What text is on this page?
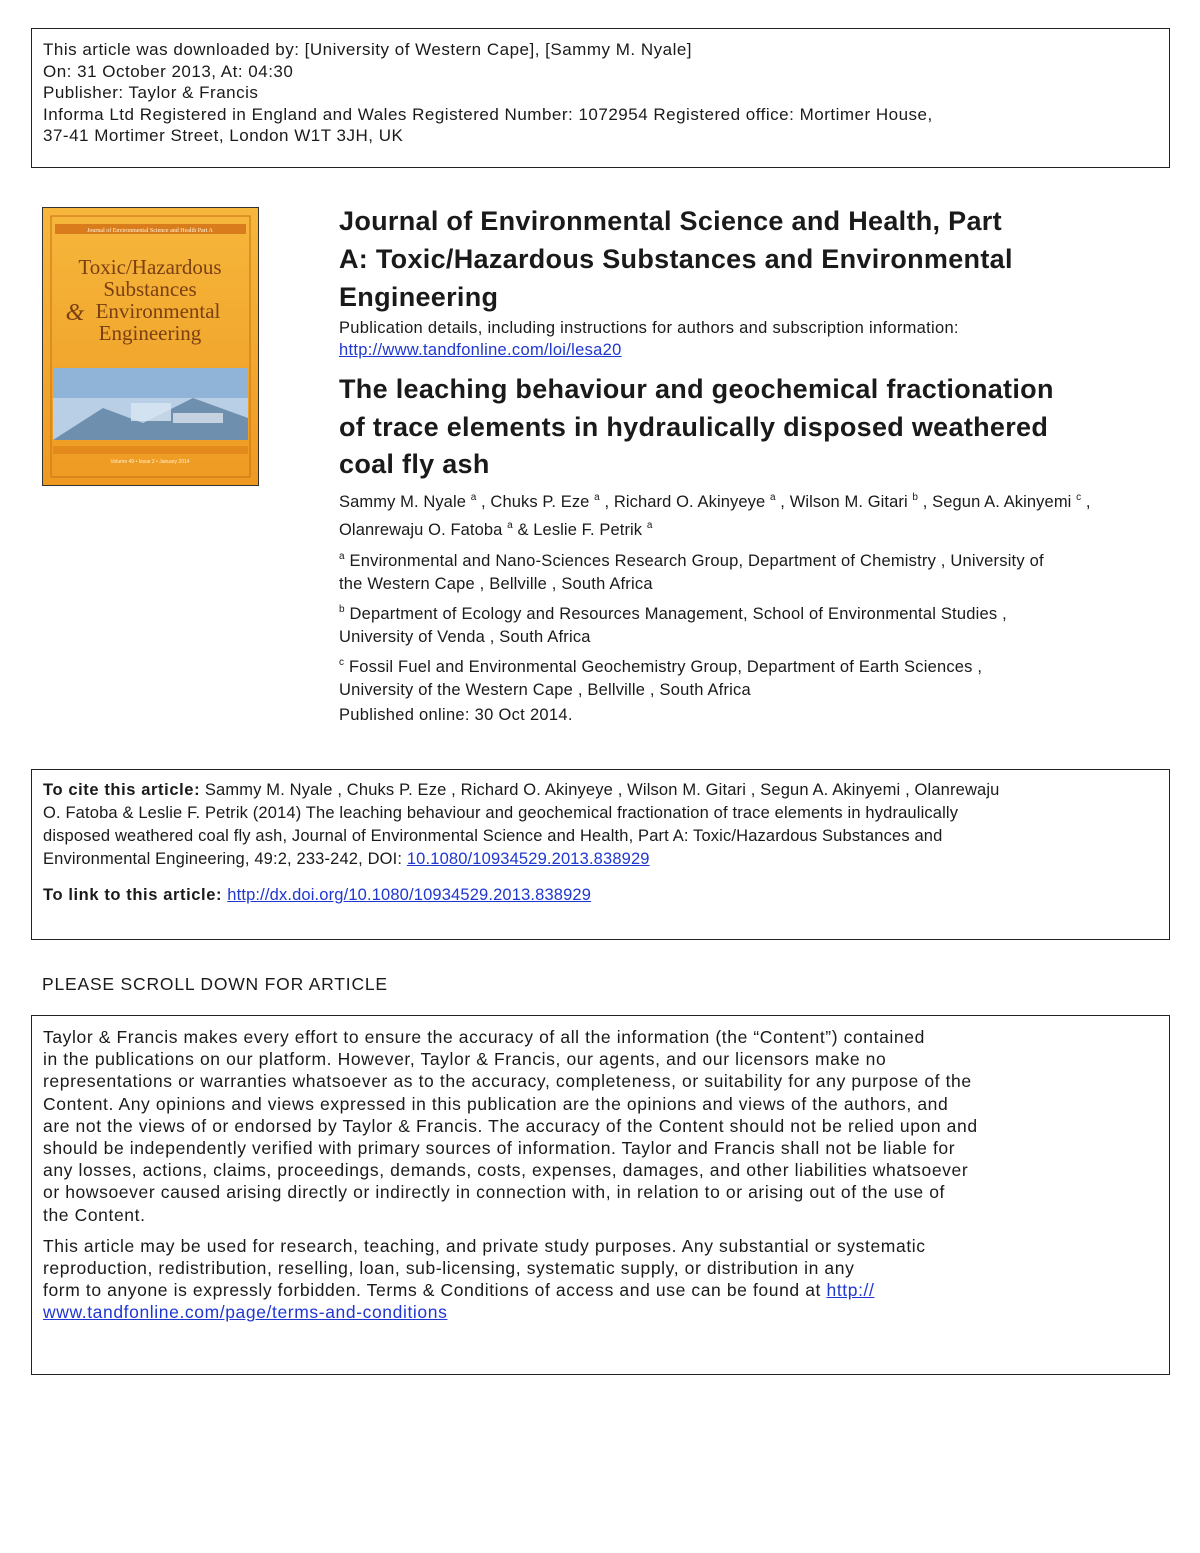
This article was downloaded by: [University of Western Cape], [Sammy M. Nyale]
On: 31 October 2013, At: 04:30
Publisher: Taylor & Francis
Informa Ltd Registered in England and Wales Registered Number: 1072954 Registered office: Mortimer House,
37-41 Mortimer Street, London W1T 3JH, UK
Journal of Environmental Science and Health Part A
Toxic/Hazardous
Substances
& Environmental
Engineering
Volume 49 • Issue 2 • January 2014
Journal of Environmental Science and Health, Part
A: Toxic/Hazardous Substances and Environmental
Engineering
Publication details, including instructions for authors and subscription information:
http://www.tandfonline.com/loi/lesa20
The leaching behaviour and geochemical fractionation
of trace elements in hydraulically disposed weathered
coal fly ash
Sammy M. Nyale $^a$ , Chuks P. Eze $^a$ , Richard O. Akinyeye $^a$ , Wilson M. Gitari $^b$ , Segun A. Akinyemi $^c$ , Olanrewaju O. Fatoba $^a$ & Leslie F. Petrik $^a$
$^a$ Environmental and Nano-Sciences Research Group, Department of Chemistry , University of
the Western Cape , Bellville , South Africa
$^b$ Department of Ecology and Resources Management, School of Environmental Studies ,
University of Venda , South Africa
$^c$ Fossil Fuel and Environmental Geochemistry Group, Department of Earth Sciences ,
University of the Western Cape , Bellville , South Africa
Published online: 30 Oct 2014.

To cite this article: Sammy M. Nyale , Chuks P. Eze , Richard O. Akinyeye , Wilson M. Gitari , Segun A. Akinyemi , Olanrewaju
O. Fatoba & Leslie F. Petrik (2014) The leaching behaviour and geochemical fractionation of trace elements in hydraulically
disposed weathered coal fly ash, Journal of Environmental Science and Health, Part A: Toxic/Hazardous Substances and
Environmental Engineering, 49:2, 233-242, DOI: 10.1080/10934529.2013.838929

To link to this article: http://dx.doi.org/10.1080/10934529.2013.838929

PLEASE SCROLL DOWN FOR ARTICLE

Taylor & Francis makes every effort to ensure the accuracy of all the information (the “Content”) contained
in the publications on our platform. However, Taylor & Francis, our agents, and our licensors make no
representations or warranties whatsoever as to the accuracy, completeness, or suitability for any purpose of the
Content. Any opinions and views expressed in this publication are the opinions and views of the authors, and
are not the views of or endorsed by Taylor & Francis. The accuracy of the Content should not be relied upon and
should be independently verified with primary sources of information. Taylor and Francis shall not be liable for
any losses, actions, claims, proceedings, demands, costs, expenses, damages, and other liabilities whatsoever
or howsoever caused arising directly or indirectly in connection with, in relation to or arising out of the use of
the Content.

This article may be used for research, teaching, and private study purposes. Any substantial or systematic
reproduction, redistribution, reselling, loan, sub-licensing, systematic supply, or distribution in any
form to anyone is expressly forbidden. Terms & Conditions of access and use can be found at http://
www.tandfonline.com/page/terms-and-conditions
